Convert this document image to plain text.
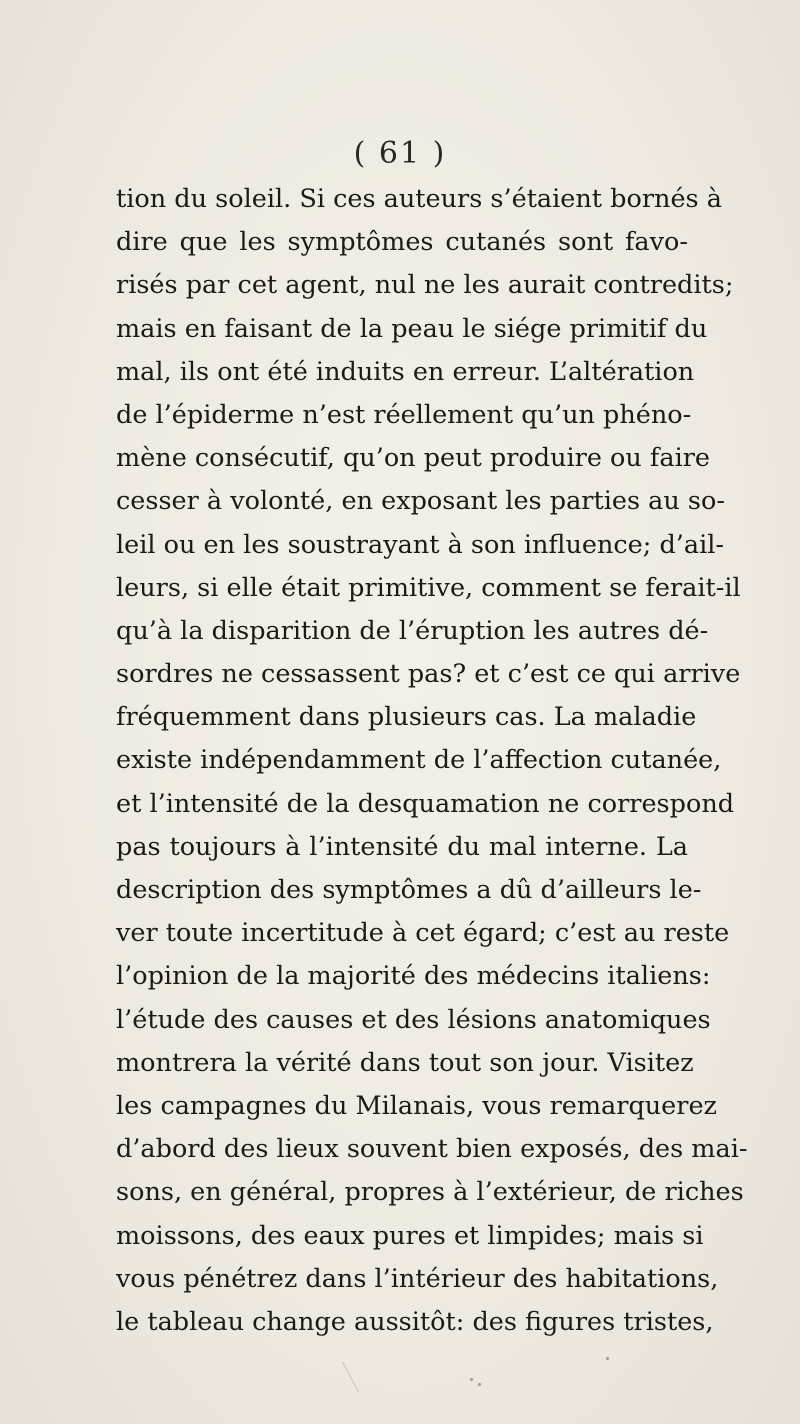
( 61 )
tion du soleil. Si ces auteurs s’étaient bornés à
dire que les symptômes cutanés sont favo-
risés par cet agent, nul ne les aurait contredits;
mais en faisant de la peau le siége primitif du
mal, ils ont été induits en erreur. L’altération
de l’épiderme n’est réellement qu’un phéno-
mène consécutif, qu’on peut produire ou faire
cesser à volonté, en exposant les parties au so-
leil ou en les soustrayant à son influence; d’ail-
leurs, si elle était primitive, comment se ferait-il
qu’à la disparition de l’éruption les autres dé-
sordres ne cessassent pas? et c’est ce qui arrive
fréquemment dans plusieurs cas. La maladie
existe indépendamment de l’affection cutanée,
et l’intensité de la desquamation ne correspond
pas toujours à l’intensité du mal interne. La
description des symptômes a dû d’ailleurs le-
ver toute incertitude à cet égard; c’est au reste
l’opinion de la majorité des médecins italiens:
l’étude des causes et des lésions anatomiques
montrera la vérité dans tout son jour. Visitez
les campagnes du Milanais, vous remarquerez
d’abord des lieux souvent bien exposés, des mai-
sons, en général, propres à l’extérieur, de riches
moissons, des eaux pures et limpides; mais si
vous pénétrez dans l’intérieur des habitations,
le tableau change aussitôt: des figures tristes,
